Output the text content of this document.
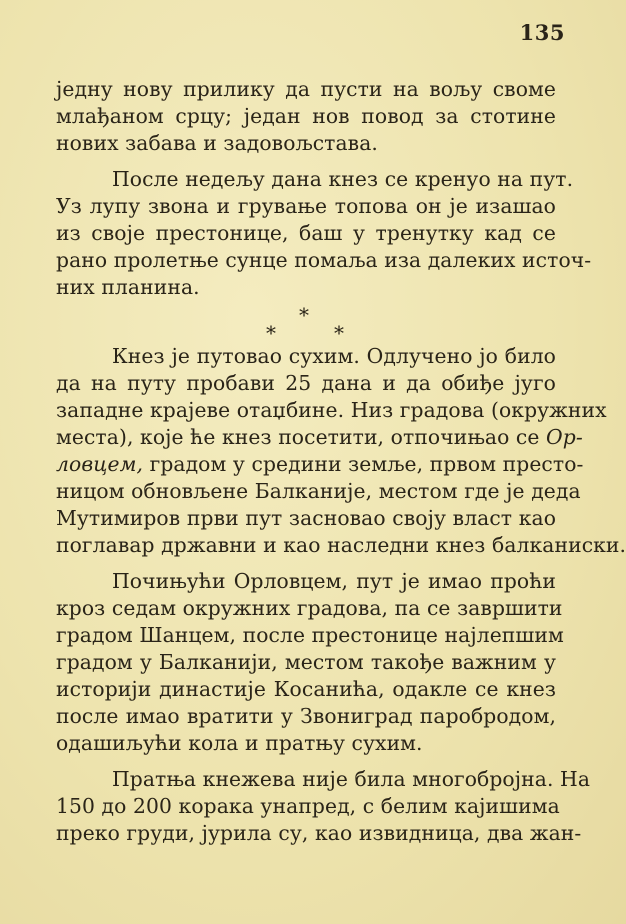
135
једну нову прилику да пусти на вољу своме
млађаном срцу; један нов повод за стотине
нових забава и задовољстава.
После недељу дана кнез се кренуо на пут.
Уз лупу звона и грувањe топова он је изашао
из своје престонице, баш у тренутку кад се
рано пролетње сунце помаља иза далеких источ-
них планина.
*
*	*
Кнез је путовао сухим. Одлучено јо било
да на путу пробави 25 дана и да обиђе југо
западне крајеве отаџбине. Низ градова (окружних
места), које ће кнез посетити, отпочињао се Ор-
ловцем, градом у средини земље, првом престо-
ницом обновљене Балканије, местом где је деда
Мутимиров први пут засновао своју власт као
поглавар државни и као наследни кнез балканиски.
Почињући Орловцем, пут је имао проћи
кроз седам окружних градова, па се завршити
градом Шанцем, после престонице најлепшим
градом у Балканији, местом такође важним у
историји династије Косанића, одакле се кнез
после имао вратити у Звониград паробродом,
одашиљући кола и пратњу сухим.
Пратња кнежева није била многобројна. На
150 до 200 корака унапред, с белим кајишима
преко груди, јурила су, као извидница, два жан-
